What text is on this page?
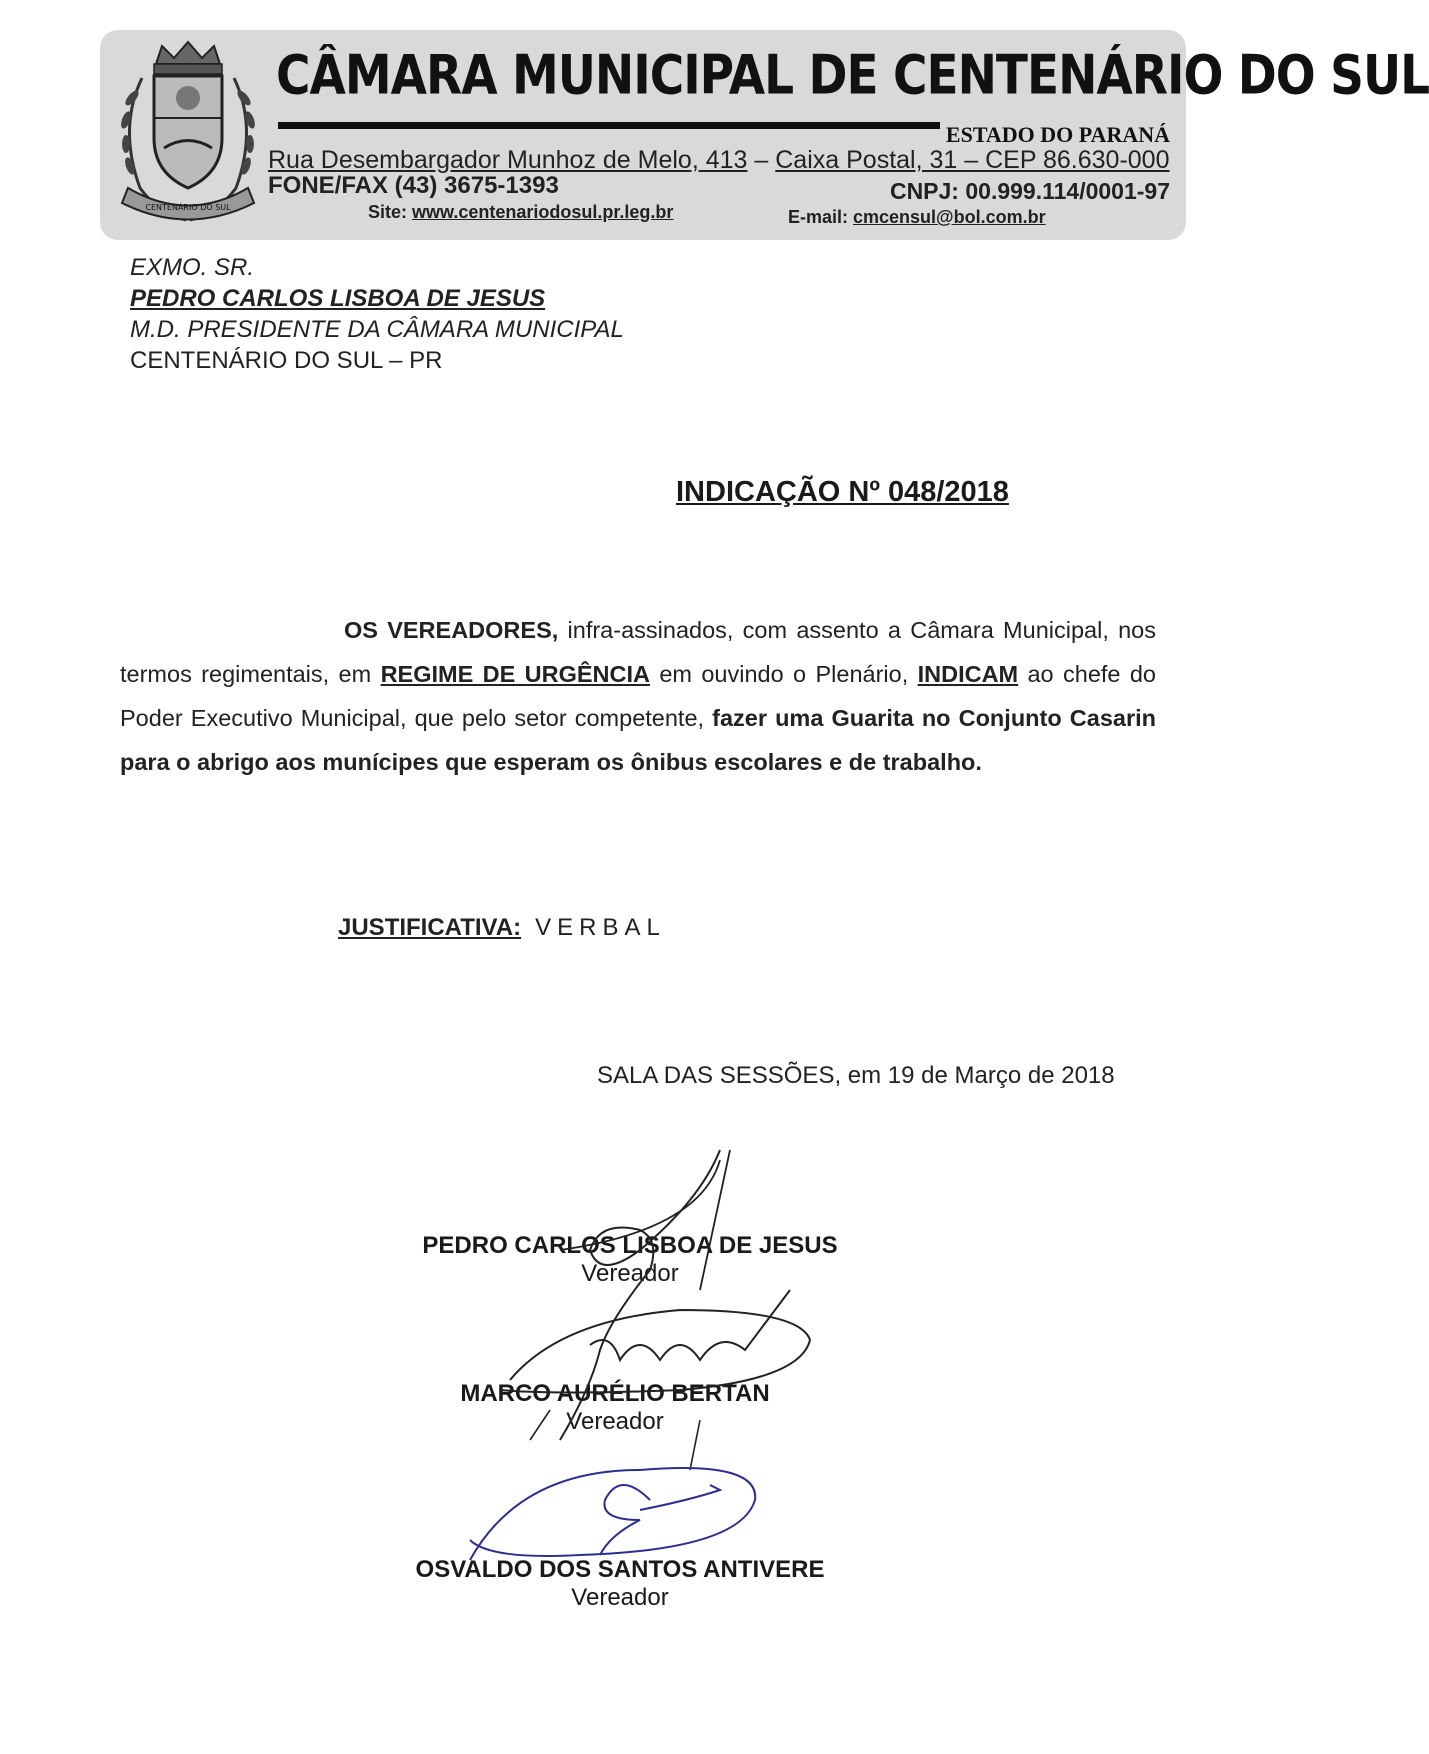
CENTENÁRIO DO SUL
CÂMARA MUNICIPAL DE CENTENÁRIO DO SUL
ESTADO DO PARANÁ
Rua Desembargador Munhoz de Melo, 413 – Caixa Postal, 31 – CEP 86.630-000
FONE/FAX (43) 3675-1393	CNPJ: 00.999.114/0001-97
Site: www.centenariodosul.pr.leg.br	E-mail: cmcensul@bol.com.br
EXMO. SR.
PEDRO CARLOS LISBOA DE JESUS
M.D. PRESIDENTE DA CÂMARA MUNICIPAL
CENTENÁRIO DO SUL – PR
INDICAÇÃO Nº 048/2018
OS VEREADORES, infra-assinados, com assento a Câmara Municipal, nos termos regimentais, em REGIME DE URGÊNCIA em ouvindo o Plenário, INDICAM ao chefe do Poder Executivo Municipal, que pelo setor competente, fazer uma Guarita no Conjunto Casarin para o abrigo aos munícipes que esperam os ônibus escolares e de trabalho.
JUSTIFICATIVA: VERBAL
SALA DAS SESSÕES, em 19 de Março de 2018
PEDRO CARLOS LISBOA DE JESUS
Vereador
MARCO AURÉLIO BERTAN
Vereador
OSVALDO DOS SANTOS ANTIVERE
Vereador
